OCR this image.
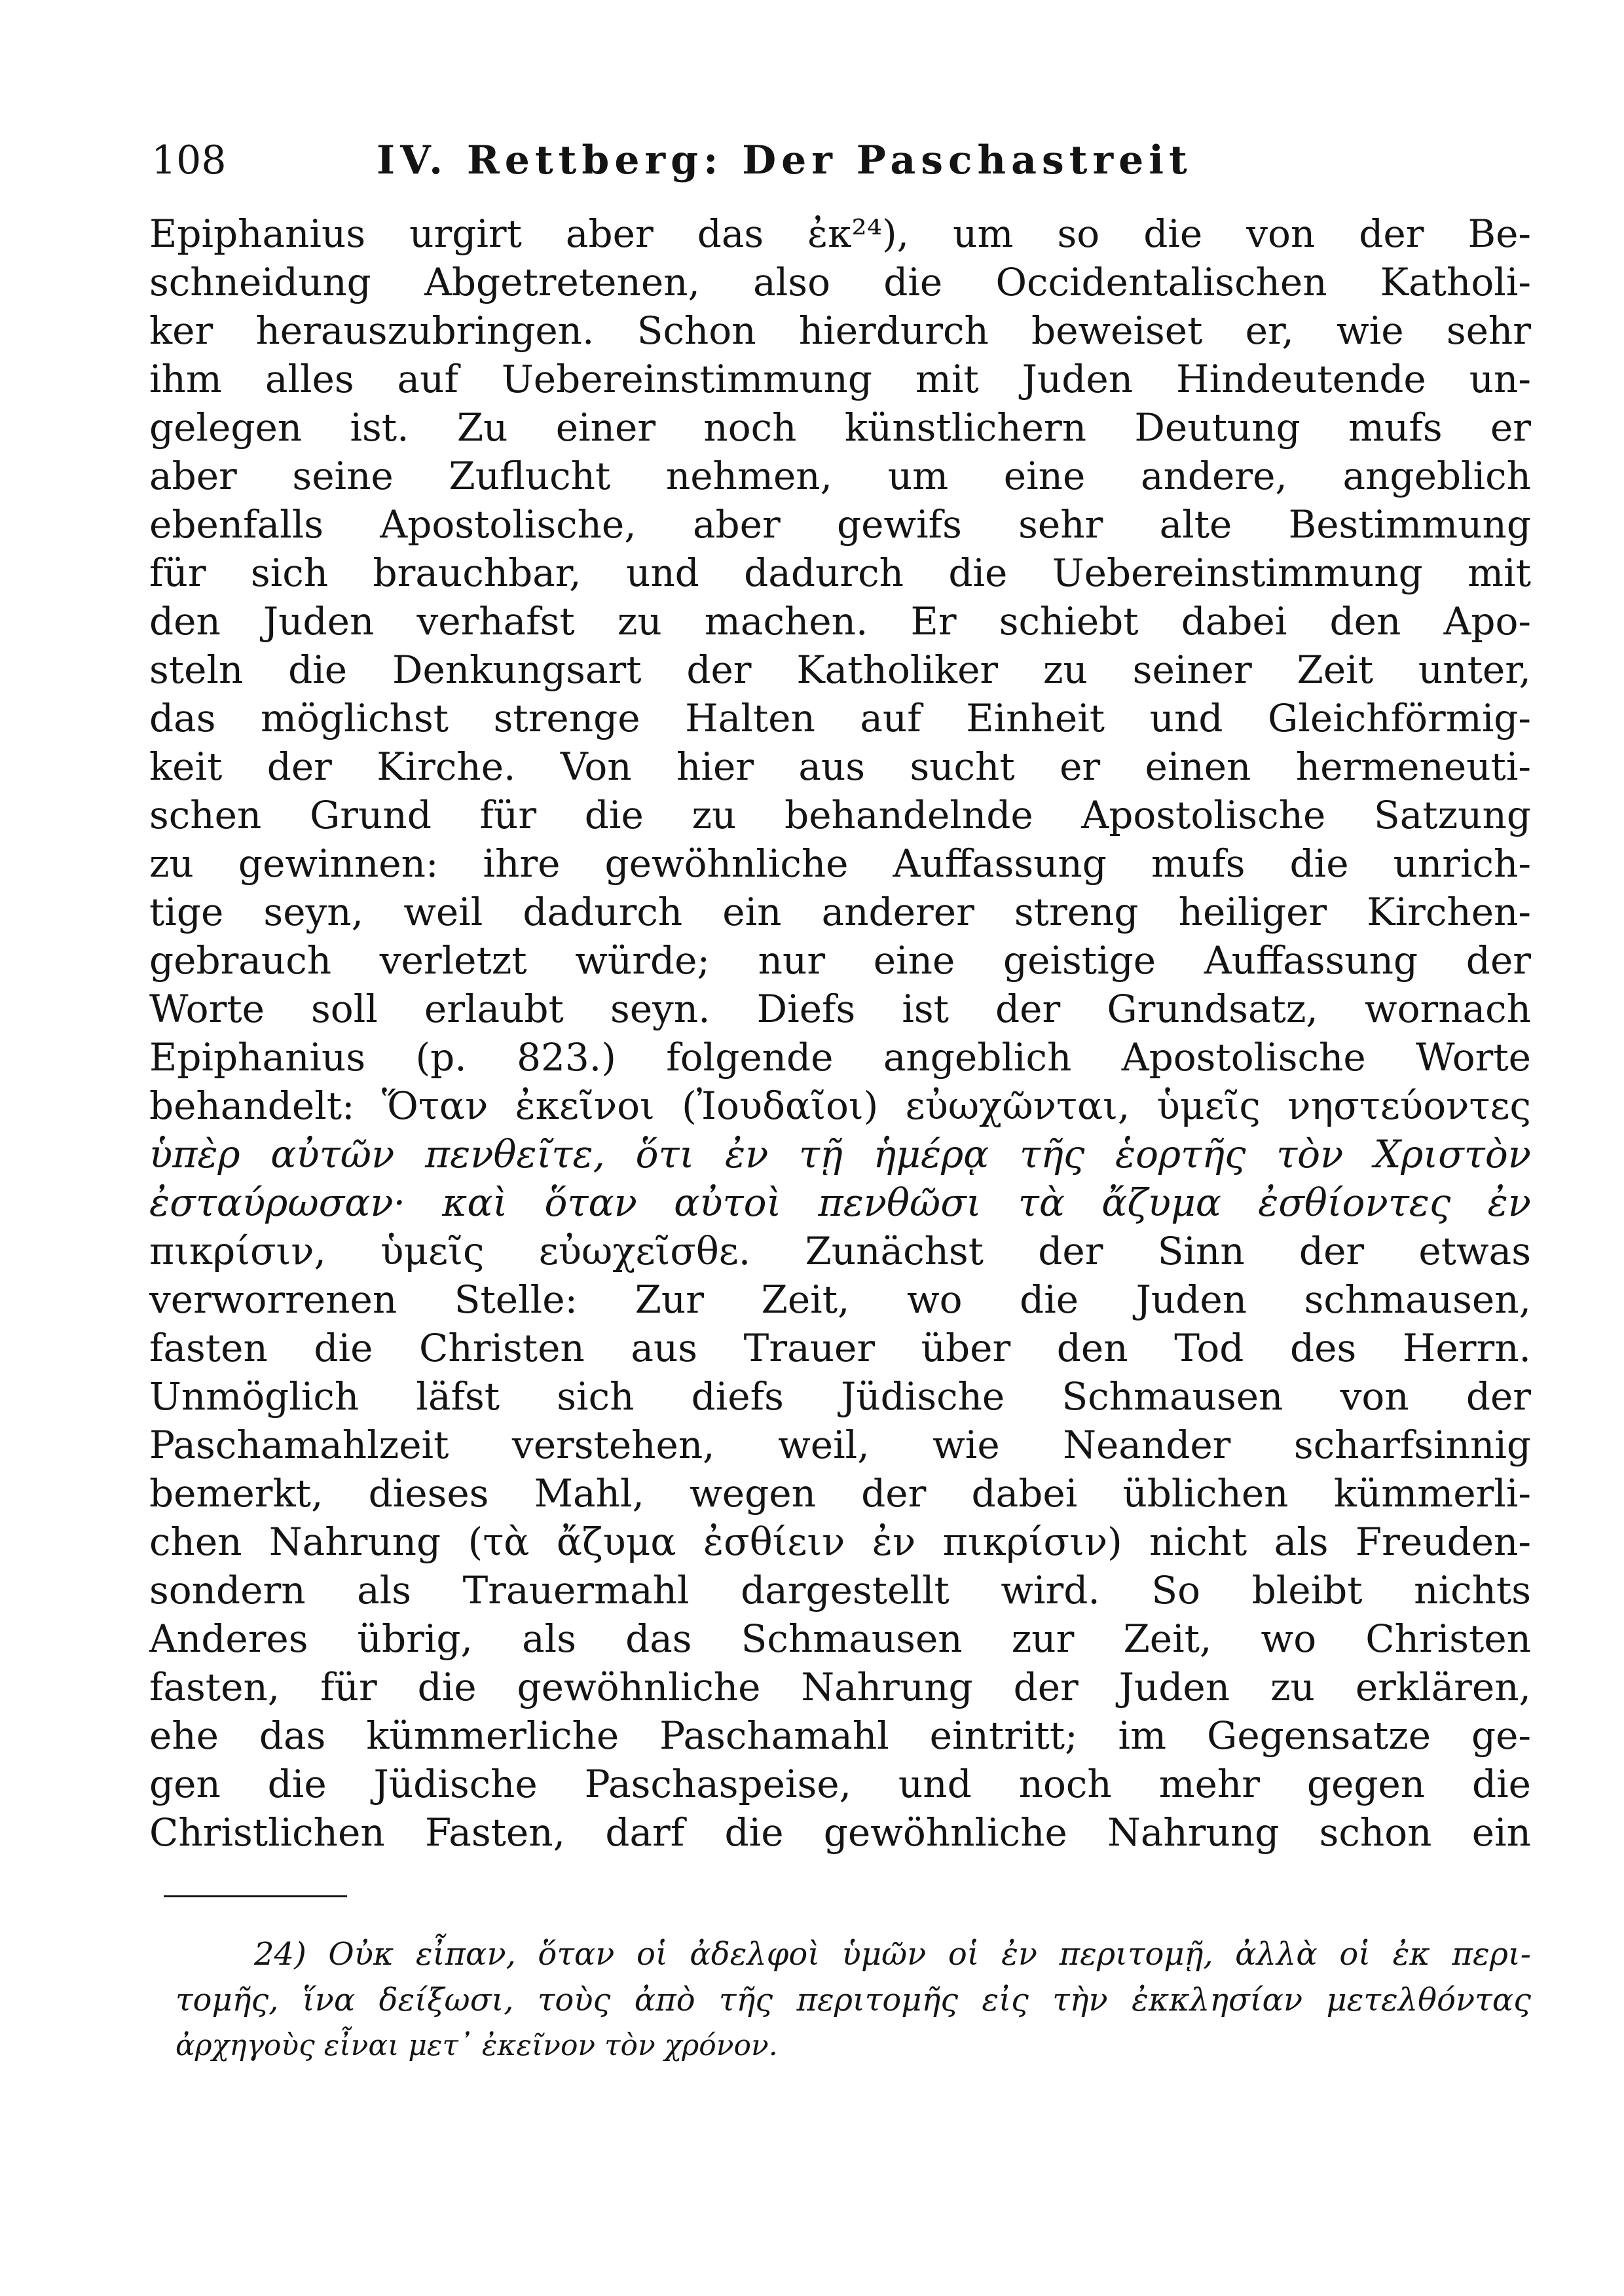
108	IV. Rettberg: Der Paschastreit
Epiphanius urgirt aber das ἐκ²⁴), um so die von der Be-
schneidung Abgetretenen, also die Occidentalischen Katholi-
ker herauszubringen. Schon hierdurch beweiset er, wie sehr
ihm alles auf Uebereinstimmung mit Juden Hindeutende un-
gelegen ist. Zu einer noch künstlichern Deutung mufs er
aber seine Zuflucht nehmen, um eine andere, angeblich
ebenfalls Apostolische, aber gewifs sehr alte Bestimmung
für sich brauchbar, und dadurch die Uebereinstimmung mit
den Juden verhafst zu machen. Er schiebt dabei den Apo-
steln die Denkungsart der Katholiker zu seiner Zeit unter,
das möglichst strenge Halten auf Einheit und Gleichförmig-
keit der Kirche. Von hier aus sucht er einen hermeneuti-
schen Grund für die zu behandelnde Apostolische Satzung
zu gewinnen: ihre gewöhnliche Auffassung mufs die unrich-
tige seyn, weil dadurch ein anderer streng heiliger Kirchen-
gebrauch verletzt würde; nur eine geistige Auffassung der
Worte soll erlaubt seyn. Diefs ist der Grundsatz, wornach
Epiphanius (p. 823.) folgende angeblich Apostolische Worte
behandelt: Ὅταν ἐκεῖνοι (Ἰουδαῖοι) εὐωχῶνται, ὑμεῖς νηστεύοντες
ὑπὲρ αὐτῶν πενθεῖτε, ὅτι ἐν τῇ ἡμέρᾳ τῆς ἑορτῆς τὸν Χριστὸν
ἐσταύρωσαν· καὶ ὅταν αὐτοὶ πενθῶσι τὰ ἄζυμα ἐσθίοντες ἐν
πικρίσιν, ὑμεῖς εὐωχεῖσθε. Zunächst der Sinn der etwas
verworrenen Stelle: Zur Zeit, wo die Juden schmausen,
fasten die Christen aus Trauer über den Tod des Herrn.
Unmöglich läfst sich diefs Jüdische Schmausen von der
Paschamahlzeit verstehen, weil, wie Neander scharfsinnig
bemerkt, dieses Mahl, wegen der dabei üblichen kümmerli-
chen Nahrung (τὰ ἄζυμα ἐσθίειν ἐν πικρίσιν) nicht als Freuden-
sondern als Trauermahl dargestellt wird. So bleibt nichts
Anderes übrig, als das Schmausen zur Zeit, wo Christen
fasten, für die gewöhnliche Nahrung der Juden zu erklären,
ehe das kümmerliche Paschamahl eintritt; im Gegensatze ge-
gen die Jüdische Paschaspeise, und noch mehr gegen die
Christlichen Fasten, darf die gewöhnliche Nahrung schon ein
24) Οὐκ εἶπαν, ὅταν οἱ ἀδελφοὶ ὑμῶν οἱ ἐν περιτομῇ, ἀλλὰ οἱ ἐκ περι-
τομῆς, ἵνα δείξωσι, τοὺς ἀπὸ τῆς περιτομῆς εἰς τὴν ἐκκλησίαν μετελθόντας
ἀρχηγοὺς εἶναι μετ᾽ ἐκεῖνον τὸν χρόνον.
